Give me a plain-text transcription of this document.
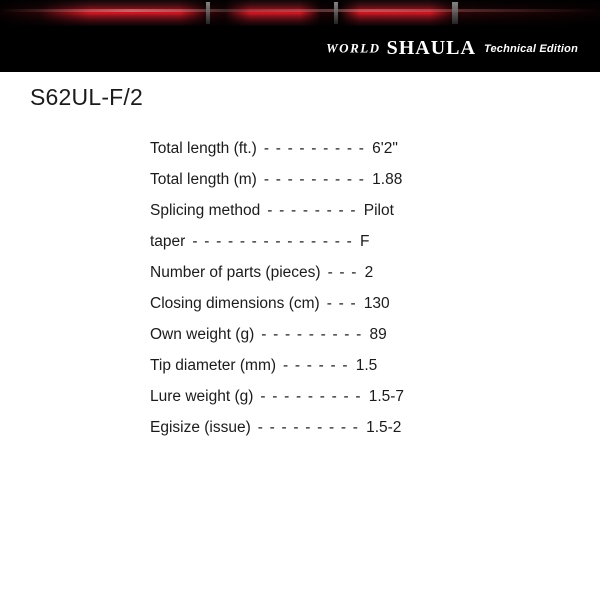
WORLD SHAULA Technical Edition
S62UL-F/2
Total length (ft.) - - - - - - - - - 6'2"
Total length (m) - - - - - - - - - 1.88
Splicing method - - - - - - - - Pilot
taper - - - - - - - - - - - - - - F
Number of parts (pieces) - - - 2
Closing dimensions (cm) - - - 130
Own weight (g) - - - - - - - - - 89
Tip diameter (mm) - - - - - - 1.5
Lure weight (g) - - - - - - - - - 1.5-7
Egisize (issue) - - - - - - - - - 1.5-2
